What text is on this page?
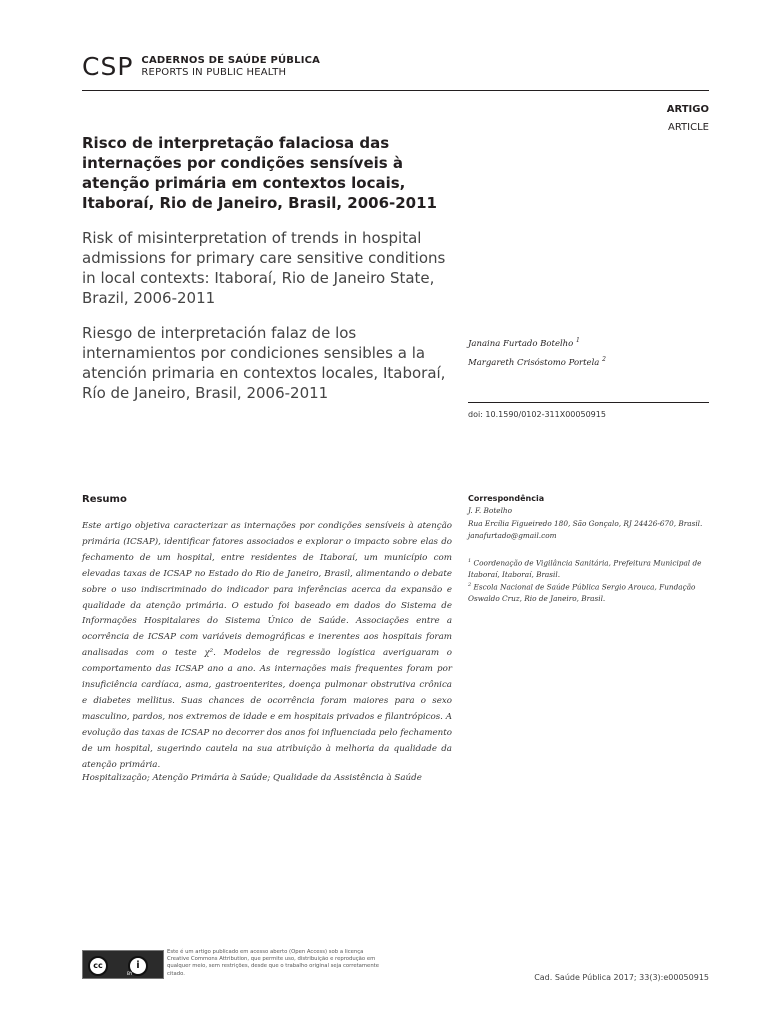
CSP CADERNOS DE SAÚDE PÚBLICA
REPORTS IN PUBLIC HEALTH
ARTIGO
ARTICLE
Risco de interpretação falaciosa das internações por condições sensíveis à atenção primária em contextos locais, Itaboraí, Rio de Janeiro, Brasil, 2006-2011
Risk of misinterpretation of trends in hospital admissions for primary care sensitive conditions in local contexts: Itaboraí, Rio de Janeiro State, Brazil, 2006-2011
Riesgo de interpretación falaz de los internamientos por condiciones sensibles a la atención primaria en contextos locales, Itaboraí, Río de Janeiro, Brasil, 2006-2011
Janaina Furtado Botelho $^1$
Margareth Crisóstomo Portela $^2$
doi: 10.1590/0102-311X00050915
Resumo

Este artigo objetiva caracterizar as internações por condições sensíveis à atenção primária (ICSAP), identificar fatores associados e explorar o impacto sobre elas do fechamento de um hospital, entre residentes de Itaboraí, um município com elevadas taxas de ICSAP no Estado do Rio de Janeiro, Brasil, alimentando o debate sobre o uso indiscriminado do indicador para inferências acerca da expansão e qualidade da atenção primária. O estudo foi baseado em dados do Sistema de Informações Hospitalares do Sistema Único de Saúde. Associações entre a ocorrência de ICSAP com variáveis demográficas e inerentes aos hospitais foram analisadas com o teste χ². Modelos de regressão logística averiguaram o comportamento das ICSAP ano a ano. As internações mais frequentes foram por insuficiência cardíaca, asma, gastroenterites, doença pulmonar obstrutiva crônica e diabetes mellitus. Suas chances de ocorrência foram maiores para o sexo masculino, pardos, nos extremos de idade e em hospitais privados e filantrópicos. A evolução das taxas de ICSAP no decorrer dos anos foi influenciada pelo fechamento de um hospital, sugerindo cautela na sua atribuição à melhoria da qualidade da atenção primária.

Hospitalização; Atenção Primária à Saúde; Qualidade da Assistência à Saúde

Correspondência
J. F. Botelho
Rua Ercília Figueiredo 180, São Gonçalo, RJ 24426-670, Brasil.
janafurtado@gmail.com

$^1$ Coordenação de Vigilância Sanitária, Prefeitura Municipal de Itaboraí, Itaboraí, Brasil.

$^2$ Escola Nacional de Saúde Pública Sergio Arouca, Fundação Oswaldo Cruz, Rio de Janeiro, Brasil.

cc	i
BY
Este é um artigo publicado em acesso aberto (Open Access) sob a licença Creative Commons Attribution, que permite uso, distribuição e reprodução em qualquer meio, sem restrições, desde que o trabalho original seja corretamente citado.	Cad. Saúde Pública 2017; 33(3):e00050915
